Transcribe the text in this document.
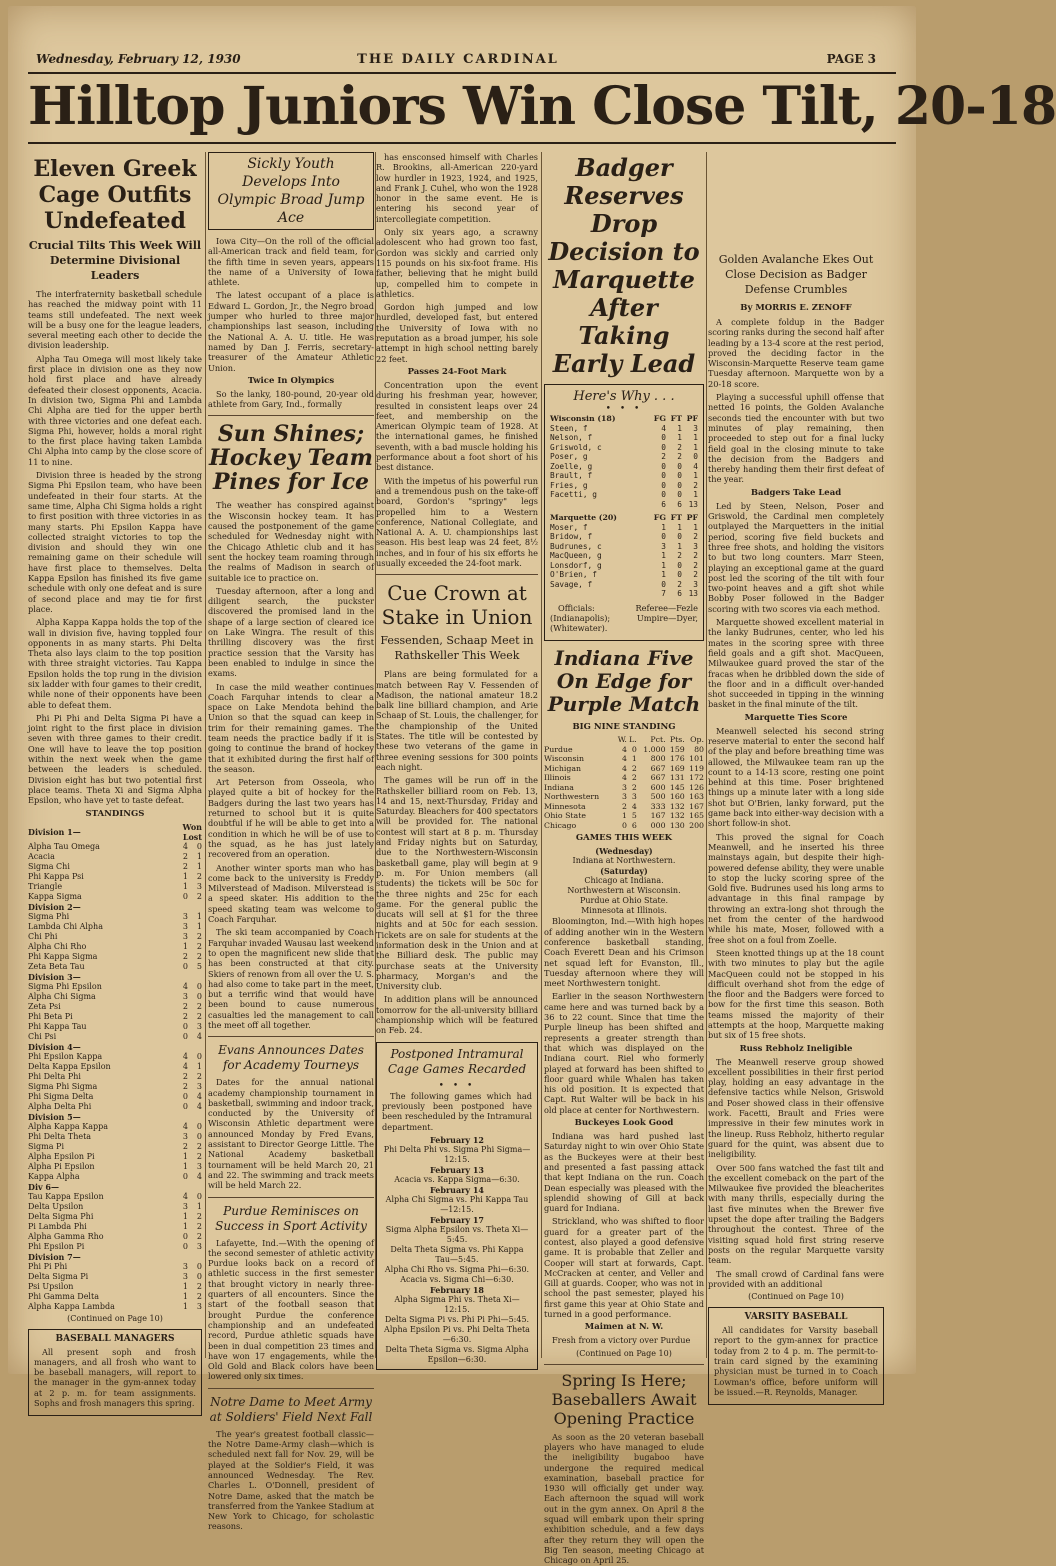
Wednesday, February 12, 1930	THE DAILY CARDINAL	PAGE 3
Hilltop Juniors Win Close Tilt, 20-18
Eleven Greek Cage Outfits Undefeated
Crucial Tilts This Week Will Determine Divisional Leaders

The interfraternity basketball schedule has reached the midway point with 11 teams still undefeated. The next week will be a busy one for the league leaders, several meeting each other to decide the division leadership.

Alpha Tau Omega will most likely take first place in division one as they now hold first place and have already defeated their closest opponents, Acacia. In division two, Sigma Phi and Lambda Chi Alpha are tied for the upper berth with three victories and one defeat each. Sigma Phi, however, holds a moral right to the first place having taken Lambda Chi Alpha into camp by the close score of 11 to nine.

Division three is headed by the strong Sigma Phi Epsilon team, who have been undefeated in their four starts. At the same time, Alpha Chi Sigma holds a right to first position with three victories in as many starts. Phi Epsilon Kappa have collected straight victories to top the division and should they win one remaining game on their schedule will have first place to themselves. Delta Kappa Epsilon has finished its five game schedule with only one defeat and is sure of second place and may tie for first place.

Alpha Kappa Kappa holds the top of the wall in division five, having toppled four opponents in as many starts. Phi Delta Theta also lays claim to the top position with three straight victories. Tau Kappa Epsilon holds the top rung in the division six ladder with four games to their credit, while none of their opponents have been able to defeat them.

Phi Pi Phi and Delta Sigma Pi have a joint right to the first place in division seven with three games to their credit. One will have to leave the top position within the next week when the game between the leaders is scheduled. Division eight has but two potential first place teams. Theta Xi and Sigma Alpha Epsilon, who have yet to taste defeat.

STANDINGS
Division 1—	Won Lost	
Alpha Tau Omega	4	0
Acacia	2	1
Sigma Chi	2	1
Phi Kappa Psi	1	2
Triangle	1	3
Kappa Sigma	0	2
Division 2—		
Sigma Phi	3	1
Lambda Chi Alpha	3	1
Chi Phi	3	2
Alpha Chi Rho	1	2
Phi Kappa Sigma	2	2
Zeta Beta Tau	0	5
Division 3—		
Sigma Phi Epsilon	4	0
Alpha Chi Sigma	3	0
Zeta Psi	2	2
Phi Beta Pi	2	2
Phi Kappa Tau	0	3
Chi Psi	0	4
Division 4—		
Phi Epsilon Kappa	4	0
Delta Kappa Epsilon	4	1
Phi Delta Phi	2	2
Sigma Phi Sigma	2	3
Phi Sigma Delta	0	4
Alpha Delta Phi	0	4
Division 5—		
Alpha Kappa Kappa	4	0
Phi Delta Theta	3	0
Sigma Pi	2	2
Alpha Epsilon Pi	1	2
Alpha Pi Epsilon	1	3
Kappa Alpha	0	4
Div 6—		
Tau Kappa Epsilon	4	0
Delta Upsilon	3	1
Delta Sigma Phi	1	2
Pi Lambda Phi	1	2
Alpha Gamma Rho	0	2
Phi Epsilon Pi	0	3
Division 7—		
Phi Pi Phi	3	0
Delta Sigma Pi	3	0
Psi Upsilon	1	2
Phi Gamma Delta	1	2
Alpha Kappa Lambda	1	3
(Continued on Page 10)
BASEBALL MANAGERS

All present soph and frosh managers, and all frosh who want to be baseball managers, will report to the manager in the gym-annex today at 2 p. m. for team assignments. Sophs and frosh managers this spring.

Sickly Youth Develops Into Olympic Broad Jump Ace

Iowa City—On the roll of the official all-American track and field team, for the fifth time in seven years, appears the name of a University of Iowa athlete.

The latest occupant of a place is Edward L. Gordon, Jr., the Negro broad jumper who hurled to three major championships last season, including the National A. A. U. title. He was named by Dan J. Ferris, secretary-treasurer of the Amateur Athletic Union.

Twice In Olympics

So the lanky, 180-pound, 20-year old athlete from Gary, Ind., formally

Sun Shines; Hockey Team Pines for Ice

The weather has conspired against the Wisconsin hockey team. It has caused the postponement of the game scheduled for Wednesday night with the Chicago Athletic club and it has sent the hockey team roaming through the realms of Madison in search of suitable ice to practice on.

Tuesday afternoon, after a long and diligent search, the puckster discovered the promised land in the shape of a large section of cleared ice on Lake Wingra. The result of this thrilling discovery was the first practice session that the Varsity has been enabled to indulge in since the exams.

In case the mild weather continues Coach Farquhar intends to clear a space on Lake Mendota behind the Union so that the squad can keep in trim for their remaining games. The team needs the practice badly if it is going to continue the brand of hockey that it exhibited during the first half of the season.

Art Peterson from Osseola, who played quite a bit of hockey for the Badgers during the last two years has returned to school but it is quite doubtful if he will be able to get into a condition in which he will be of use to the squad, as he has just lately recovered from an operation.

Another winter sports man who has come back to the university is Freddy Milverstead of Madison. Milverstead is a speed skater. His addition to the speed skating team was welcome to Coach Farquhar.

The ski team accompanied by Coach Farquhar invaded Wausau last weekend to open the magnificent new slide that has been constructed at that city. Skiers of renown from all over the U. S. had also come to take part in the meet, but a terrific wind that would have been bound to cause numerous casualties led the management to call the meet off all together.

Evans Announces Dates for Academy Tourneys

Dates for the annual national academy championship tournament in basketball, swimming and indoor track, conducted by the University of Wisconsin Athletic department were announced Monday by Fred Evans, assistant to Director George Little. The National Academy basketball tournament will be held March 20, 21 and 22. The swimming and track meets will be held March 22.

Purdue Reminisces on Success in Sport Activity

Lafayette, Ind.—With the opening of the second semester of athletic activity Purdue looks back on a record of athletic success in the first semester that brought victory in nearly three-quarters of all encounters. Since the start of the football season that brought Purdue the conference championship and an undefeated record, Purdue athletic squads have been in dual competition 23 times and have won 17 engagements, while the Old Gold and Black colors have been lowered only six times.

Notre Dame to Meet Army at Soldiers' Field Next Fall

The year's greatest football classic—the Notre Dame-Army clash—which is scheduled next fall for Nov. 29, will be played at the Soldier's Field, it was announced Wednesday. The Rev. Charles L. O'Donnell, president of Notre Dame, asked that the match be transferred from the Yankee Stadium at New York to Chicago, for scholastic reasons.

has ensconsed himself with Charles R. Brookins, all-American 220-yard low hurdler in 1923, 1924, and 1925, and Frank J. Cuhel, who won the 1928 honor in the same event. He is entering his second year of intercollegiate competition.

Only six years ago, a scrawny adolescent who had grown too fast, Gordon was sickly and carried only 115 pounds on his six-foot frame. His father, believing that he might build up, compelled him to compete in athletics.

Gordon high jumped and low hurdled, developed fast, but entered the University of Iowa with no reputation as a broad jumper, his sole attempt in high school netting barely 22 feet.

Passes 24-Foot Mark

Concentration upon the event during his freshman year, however, resulted in consistent leaps over 24 feet, and membership on the American Olympic team of 1928. At the international games, he finished seventh, with a bad muscle holding his performance about a foot short of his best distance.

With the impetus of his powerful run and a tremendous push on the take-off board, Gordon's "springy" legs propelled him to a Western conference, National Collegiate, and National A. A. U. championships last season. His best leap was 24 feet, 8½ inches, and in four of his six efforts he usually exceeded the 24-foot mark.

Cue Crown at Stake in Union
Fessenden, Schaap Meet in Rathskeller This Week

Plans are being formulated for a match between Ray V. Fessenden of Madison, the national amateur 18.2 balk line billiard champion, and Arie Schaap of St. Louis, the challenger, for the championship of the United States. The title will be contested by these two veterans of the game in three evening sessions for 300 points each night.

The games will be run off in the Rathskeller billiard room on Feb. 13, 14 and 15, next-Thursday, Friday and Saturday. Bleachers for 400 spectators will be provided for. The national contest will start at 8 p. m. Thursday and Friday nights but on Saturday, due to the Northwestern-Wisconsin basketball game, play will begin at 9 p. m. For Union members (all students) the tickets will be 50c for the three nights and 25c for each game. For the general public the ducats will sell at $1 for the three nights and at 50c for each session. Tickets are on sale for students at the information desk in the Union and at the Billiard desk. The public may purchase seats at the University pharmacy, Morgan's and the University club.

In addition plans will be announced tomorrow for the all-university billiard championship which will be featured on Feb. 24.

Postponed Intramural Cage Games Recarded
• • •

The following games which had previously been postponed have been rescheduled by the Intramural department.

February 12
Phi Delta Phi vs. Sigma Phi Sigma—12:15.
February 13
Acacia vs. Kappa Sigma—6:30.
February 14
Alpha Chi Sigma vs. Phi Kappa Tau—12:15.
February 17
Sigma Alpha Epsilon vs. Theta Xi—5:45.
Delta Theta Sigma vs. Phi Kappa Tau—5:45.
Alpha Chi Rho vs. Sigma Phi—6:30.
Acacia vs. Sigma Chi—6:30.
February 18
Alpha Sigma Phi vs. Theta Xi—12:15.
Delta Sigma Pi vs. Phi Pi Phi—5:45.
Alpha Epsilon Pi vs. Phi Delta Theta—6:30.
Delta Theta Sigma vs. Sigma Alpha Epsilon—6:30.
Badger Reserves Drop Decision to Marquette After Taking Early Lead
Here's Why . . .
• • •
Wisconsin (18)	FG	FT	PF
Steen, f	4	1	3
Nelson, f	0	1	1
Griswold, c	0	2	1
Poser, g	2	2	0
Zoelle, g	0	0	4
Brault, f	0	0	1
Fries, g	0	0	2
Facetti, g	0	0	1
	6	6	13
Marquette (20)	FG	FT	PF
Moser, f	1	1	1
Bridow, f	0	0	2
Budrunes, c	3	1	3
MacQueen, g	1	2	2
Lonsdorf, g	1	0	2
O'Brien, f	1	0	2
Savage, f	0	2	3
	7	6	13

Officials: Referee—Fezle (Indianapolis); Umpire—Dyer, (Whitewater).

Indiana Five On Edge for Purple Match
BIG NINE STANDING
	W.	L.	Pct.	Pts.	Op.
Purdue	4	0	1.000	159	80
Wisconsin	4	1	800	176	101
Michigan	4	2	667	169	119
Illinois	4	2	667	131	172
Indiana	3	2	600	145	126
Northwestern	3	3	500	160	163
Minnesota	2	4	333	132	167
Ohio State	1	5	167	132	165
Chicago	0	6	000	130	200
GAMES THIS WEEK
(Wednesday)
Indiana at Northwestern.
(Saturday)
Chicago at Indiana.
Northwestern at Wisconsin.
Purdue at Ohio State.
Minnesota at Illinois.

Bloomington, Ind.—With high hopes of adding another win in the Western conference basketball standing, Coach Everett Dean and his Crimson net squad left for Evanston, Ill., Tuesday afternoon where they will meet Northwestern tonight.

Earlier in the season Northwestern came here and was turned back by a 36 to 22 count. Since that time the Purple lineup has been shifted and represents a greater strength than that which was displayed on the Indiana court. Riel who formerly played at forward has been shifted to floor guard while Whalen has taken his old position. It is expected that Capt. Rut Walter will be back in his old place at center for Northwestern.

Buckeyes Look Good

Indiana was hard pushed last Saturday night to win over Ohio State as the Buckeyes were at their best and presented a fast passing attack that kept Indiana on the run. Coach Dean especially was pleased with the splendid showing of Gill at back guard for Indiana.

Strickland, who was shifted to floor guard for a greater part of the contest, also played a good defensive game. It is probable that Zeller and Cooper will start at forwards, Capt. McCracken at center, and Veller and Gill at guards. Cooper, who was not in school the past semester, played his first game this year at Ohio State and turned in a good performance.

Maimen at N. W.

Fresh from a victory over Purdue

(Continued on Page 10)
Spring Is Here; Baseballers Await Opening Practice

As soon as the 20 veteran baseball players who have managed to elude the ineligibility bugaboo have undergone the required medical examination, baseball practice for 1930 will officially get under way. Each afternoon the squad will work out in the gym annex. On April 8 the squad will embark upon their spring exhibition schedule, and a few days after they return they will open the Big Ten season, meeting Chicago at Chicago on April 25.

Golden Avalanche Ekes Out Close Decision as Badger Defense Crumbles
By MORRIS E. ZENOFF

A complete foldup in the Badger scoring ranks during the second half after leading by a 13-4 score at the rest period, proved the deciding factor in the Wisconsin-Marquette Reserve team game Tuesday afternoon. Marquette won by a 20-18 score.

Playing a successful uphill offense that netted 16 points, the Golden Avalanche seconds tied the encounter with but two minutes of play remaining, then proceeded to step out for a final lucky field goal in the closing minute to take the decision from the Badgers and thereby handing them their first defeat of the year.

Badgers Take Lead

Led by Steen, Nelson, Poser and Griswold, the Cardinal men completely outplayed the Marquetters in the initial period, scoring five field buckets and three free shots, and holding the visitors to but two long counters. Marr Steen, playing an exceptional game at the guard post led the scoring of the tilt with four two-point heaves and a gift shot while Bobby Poser followed in the Badger scoring with two scores via each method.

Marquette showed excellent material in the lanky Budrunes, center, who led his mates in the scoring spree with three field goals and a gift shot. MacQueen, Milwaukee guard proved the star of the fracas when he dribbled down the side of the floor and in a difficult over-handed shot succeeded in tipping in the winning basket in the final minute of the tilt.

Marquette Ties Score

Meanwell selected his second string reserve material to enter the second half of the play and before breathing time was allowed, the Milwaukee team ran up the count to a 14-13 score, resting one point behind at this time. Poser brightened things up a minute later with a long side shot but O'Brien, lanky forward, put the game back into either-way decision with a short follow-in shot.

This proved the signal for Coach Meanwell, and he inserted his three mainstays again, but despite their high-powered defense ability, they were unable to stop the lucky scoring spree of the Gold five. Budrunes used his long arms to advantage in this final rampage by throwing an extra-long shot through the net from the center of the hardwood while his mate, Moser, followed with a free shot on a foul from Zoelle.

Steen knotted things up at the 18 count with two minutes to play but the agile MacQueen could not be stopped in his difficult overhand shot from the edge of the floor and the Badgers were forced to bow for the first time this season. Both teams missed the majority of their attempts at the hoop, Marquette making but six of 15 free shots.

Russ Rebholz Ineligible

The Meanwell reserve group showed excellent possibilities in their first period play, holding an easy advantage in the defensive tactics while Nelson, Griswold and Poser showed class in their offensive work. Facetti, Brault and Fries were impressive in their few minutes work in the lineup. Russ Rebholz, hitherto regular guard for the quint, was absent due to ineligibility.

Over 500 fans watched the fast tilt and the excellent comeback on the part of the Milwaukee five provided the bleacherites with many thrills, especially during the last five minutes when the Brewer five upset the dope after trailing the Badgers throughout the contest. Three of the visiting squad hold first string reserve posts on the regular Marquette varsity team.

The small crowd of Cardinal fans were provided with an additional

(Continued on Page 10)
VARSITY BASEBALL

All candidates for Varsity baseball report to the gym-annex for practice today from 2 to 4 p. m. The permit-to-train card signed by the examining physician must be turned in to Coach Lowman's office, before uniform will be issued.—R. Reynolds, Manager.
